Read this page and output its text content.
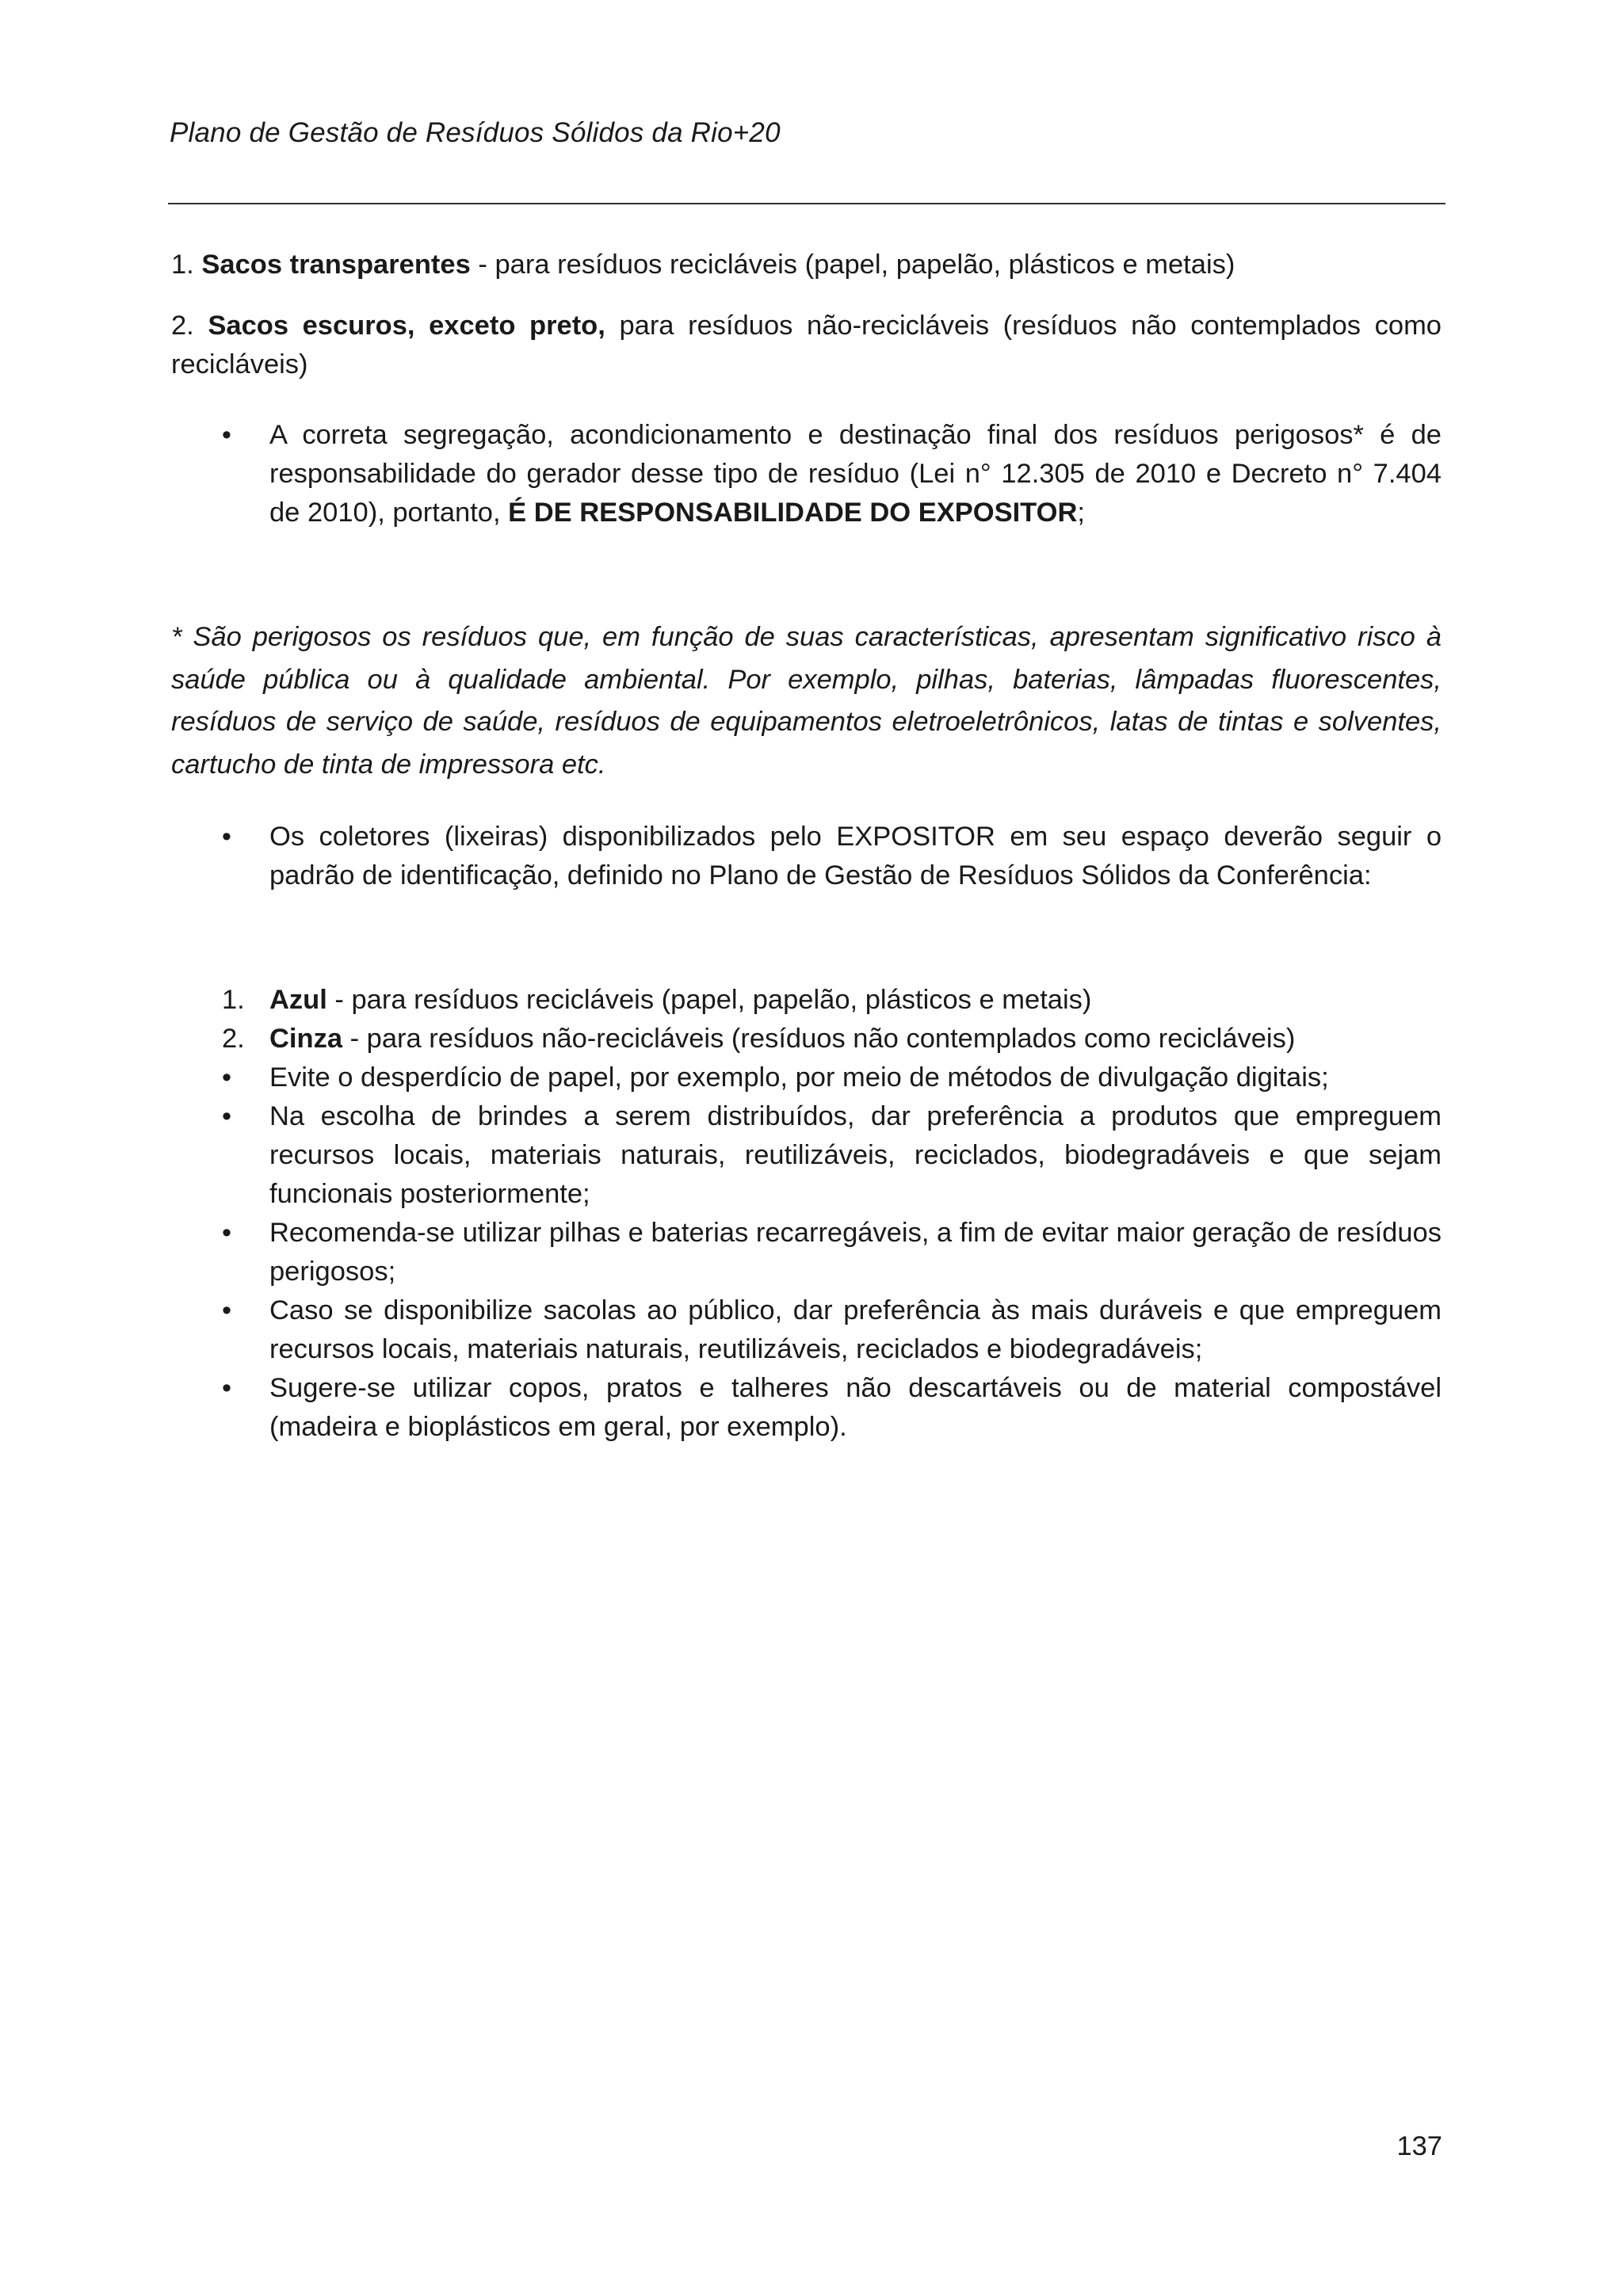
Plano de Gestão de Resíduos Sólidos da Rio+20

1. Sacos transparentes - para resíduos recicláveis (papel, papelão, plásticos e metais)

2. Sacos escuros, exceto preto, para resíduos não-recicláveis (resíduos não contemplados como recicláveis)

• A correta segregação, acondicionamento e destinação final dos resíduos perigosos* é de responsabilidade do gerador desse tipo de resíduo (Lei n° 12.305 de 2010 e Decreto n° 7.404 de 2010), portanto, É DE RESPONSABILIDADE DO EXPOSITOR;

* São perigosos os resíduos que, em função de suas características, apresentam significativo risco à saúde pública ou à qualidade ambiental. Por exemplo, pilhas, baterias, lâmpadas fluorescentes, resíduos de serviço de saúde, resíduos de equipamentos eletroeletrônicos, latas de tintas e solventes, cartucho de tinta de impressora etc.

• Os coletores (lixeiras) disponibilizados pelo EXPOSITOR em seu espaço deverão seguir o padrão de identificação, definido no Plano de Gestão de Resíduos Sólidos da Conferência:
1. Azul - para resíduos recicláveis (papel, papelão, plásticos e metais)
2. Cinza - para resíduos não-recicláveis (resíduos não contemplados como recicláveis)
•	Evite o desperdício de papel, por exemplo, por meio de métodos de divulgação digitais;
•	Na escolha de brindes a serem distribuídos, dar preferência a produtos que empreguem recursos locais, materiais naturais, reutilizáveis, reciclados, biodegradáveis e que sejam funcionais posteriormente;
•	Recomenda-se utilizar pilhas e baterias recarregáveis, a fim de evitar maior geração de resíduos perigosos;
•	Caso se disponibilize sacolas ao público, dar preferência às mais duráveis e que empreguem recursos locais, materiais naturais, reutilizáveis, reciclados e biodegradáveis;
•	Sugere-se utilizar copos, pratos e talheres não descartáveis ou de material compostável (madeira e bioplásticos em geral, por exemplo).
137
